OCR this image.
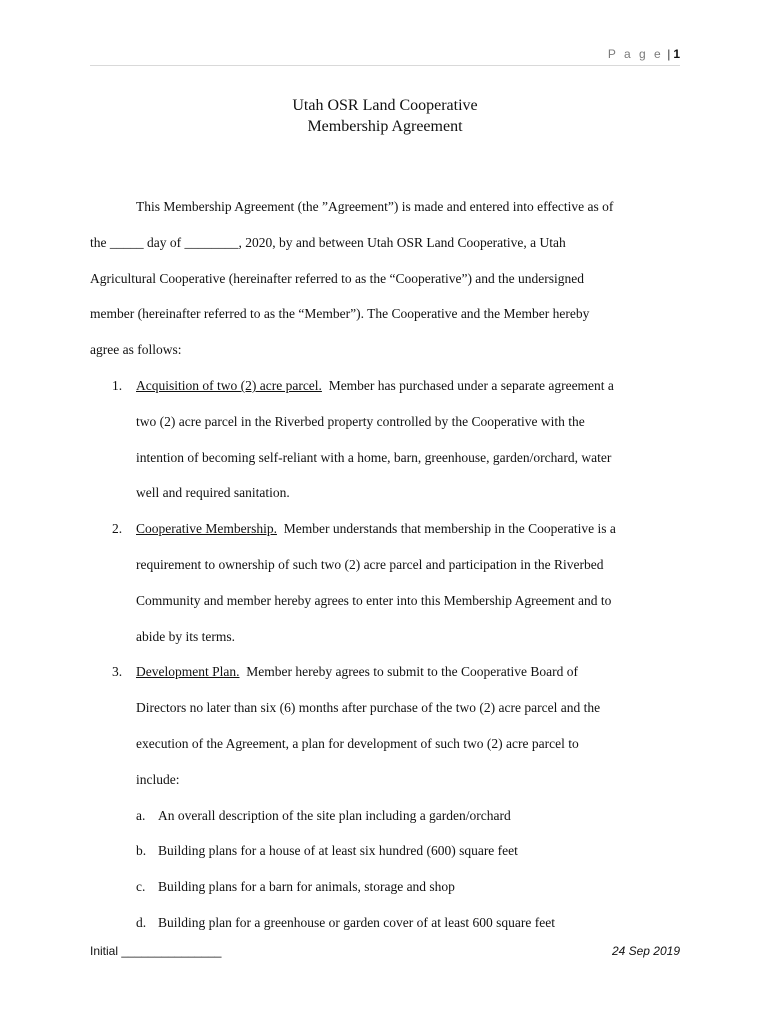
P a g e | 1
Utah OSR Land Cooperative
Membership Agreement
This Membership Agreement (the ”Agreement”) is made and entered into effective as of
the _____ day of ________, 2020, by and between Utah OSR Land Cooperative, a Utah
Agricultural Cooperative (hereinafter referred to as the “Cooperative”) and the undersigned
member (hereinafter referred to as the “Member”). The Cooperative and the Member hereby
agree as follows:
1. Acquisition of two (2) acre parcel.  Member has purchased under a separate agreement a
two (2) acre parcel in the Riverbed property controlled by the Cooperative with the
intention of becoming self-reliant with a home, barn, greenhouse, garden/orchard, water
well and required sanitation.
2. Cooperative Membership.  Member understands that membership in the Cooperative is a
requirement to ownership of such two (2) acre parcel and participation in the Riverbed
Community and member hereby agrees to enter into this Membership Agreement and to
abide by its terms.
3. Development Plan.  Member hereby agrees to submit to the Cooperative Board of
Directors no later than six (6) months after purchase of the two (2) acre parcel and the
execution of the Agreement, a plan for development of such two (2) acre parcel to
include:
a. An overall description of the site plan including a garden/orchard
b. Building plans for a house of at least six hundred (600) square feet
c. Building plans for a barn for animals, storage and shop
d. Building plan for a greenhouse or garden cover of at least 600 square feet
Initial _______________	24 Sep 2019
